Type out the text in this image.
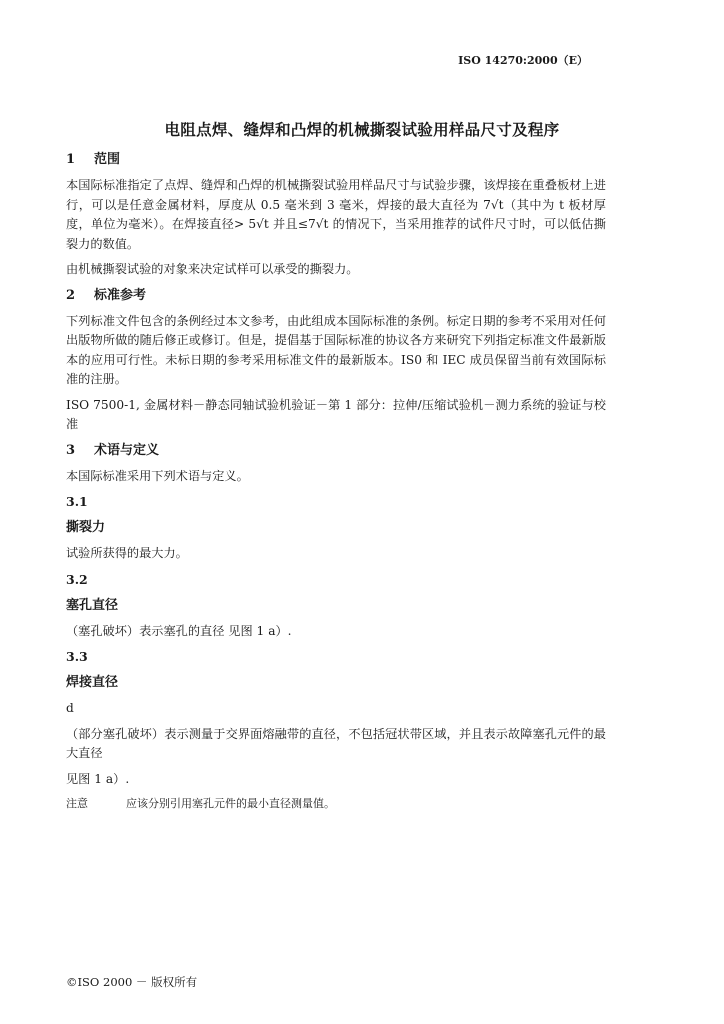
ISO 14270:2000（E）
电阻点焊、缝焊和凸焊的机械撕裂试验用样品尺寸及程序
1 范围

本国际标准指定了点焊、缝焊和凸焊的机械撕裂试验用样品尺寸与试验步骤，该焊接在重叠板材上进行，可以是任意金属材料，厚度从 0.5 毫米到 3 毫米，焊接的最大直径为 7√t（其中为 t 板材厚度，单位为毫米）。在焊接直径> 5√t 并且≤7√t 的情况下，当采用推荐的试件尺寸时，可以低估撕裂力的数值。

由机械撕裂试验的对象来决定试样可以承受的撕裂力。

2 标准参考

下列标准文件包含的条例经过本文参考，由此组成本国际标准的条例。标定日期的参考不采用对任何出版物所做的随后修正或修订。但是，提倡基于国际标准的协议各方来研究下列指定标准文件最新版本的应用可行性。未标日期的参考采用标准文件的最新版本。IS0 和 IEC 成员保留当前有效国际标准的注册。

ISO 7500-1, 金属材料－静态同轴试验机验证－第 1 部分：拉伸/压缩试验机－测力系统的验证与校准

3 术语与定义

本国际标准采用下列术语与定义。

3.1
撕裂力

试验所获得的最大力。

3.2
塞孔直径

（塞孔破坏）表示塞孔的直径 见图 1 a）.

3.3
焊接直径

d

（部分塞孔破坏）表示测量于交界面熔融带的直径，不包括冠状带区域，并且表示故障塞孔元件的最大直径

见图 1 a）.

注意	应该分别引用塞孔元件的最小直径测量值。
©ISO 2000 － 版权所有
